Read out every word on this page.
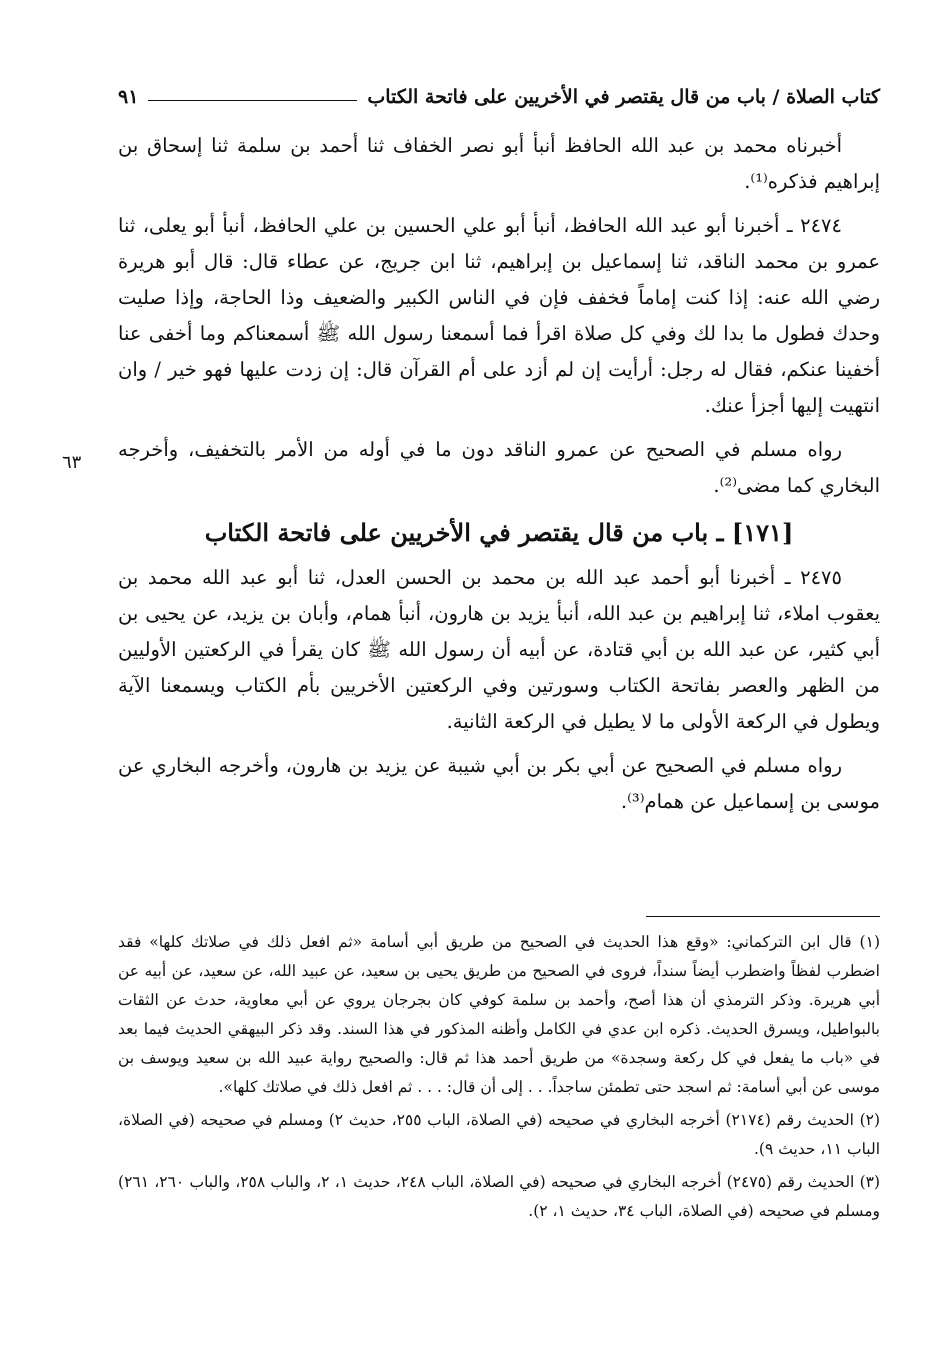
كتاب الصلاة / باب من قال يقتصر في الأخريين على فاتحة الكتاب
٩١
٦٣

أخبرناه محمد بن عبد الله الحافظ أنبأ أبو نصر الخفاف ثنا أحمد بن سلمة ثنا إسحاق بن إبراهيم فذكره⁽¹⁾.

٢٤٧٤ ـ أخبرنا أبو عبد الله الحافظ، أنبأ أبو علي الحسين بن علي الحافظ، أنبأ أبو يعلى، ثنا عمرو بن محمد الناقد، ثنا إسماعيل بن إبراهيم، ثنا ابن جريج، عن عطاء قال: قال أبو هريرة رضي الله عنه: إذا كنت إماماً فخفف فإن في الناس الكبير والضعيف وذا الحاجة، وإذا صليت وحدك فطول ما بدا لك وفي كل صلاة اقرأ فما أسمعنا رسول الله ﷺ أسمعناكم وما أخفى عنا أخفينا عنكم، فقال له رجل: أرأيت إن لم أزد على أم القرآن قال: إن زدت عليها فهو خير / وان انتهيت إليها أجزأ عنك.

رواه مسلم في الصحيح عن عمرو الناقد دون ما في أوله من الأمر بالتخفيف، وأخرجه البخاري كما مضى⁽²⁾.

[١٧١] ـ باب من قال يقتصر في الأخريين على فاتحة الكتاب

٢٤٧٥ ـ أخبرنا أبو أحمد عبد الله بن محمد بن الحسن العدل، ثنا أبو عبد الله محمد بن يعقوب املاء، ثنا إبراهيم بن عبد الله، أنبأ يزيد بن هارون، أنبأ همام، وأبان بن يزيد، عن يحيى بن أبي كثير، عن عبد الله بن أبي قتادة، عن أبيه أن رسول الله ﷺ كان يقرأ في الركعتين الأوليين من الظهر والعصر بفاتحة الكتاب وسورتين وفي الركعتين الأخريين بأم الكتاب ويسمعنا الآية ويطول في الركعة الأولى ما لا يطيل في الركعة الثانية.

رواه مسلم في الصحيح عن أبي بكر بن أبي شيبة عن يزيد بن هارون، وأخرجه البخاري عن موسى بن إسماعيل عن همام⁽³⁾.

(١) قال ابن التركماني: «وقع هذا الحديث في الصحيح من طريق أبي أسامة «ثم افعل ذلك في صلاتك كلها» فقد اضطرب لفظاً واضطرب أيضاً سنداً، فروى في الصحيح من طريق يحيى بن سعيد، عن عبيد الله، عن سعيد، عن أبيه عن أبي هريرة. وذكر الترمذي أن هذا أصح، وأحمد بن سلمة كوفي كان بجرجان يروي عن أبي معاوية، حدث عن الثقات بالبواطيل، ويسرق الحديث. ذكره ابن عدي في الكامل وأظنه المذكور في هذا السند. وقد ذكر البيهقي الحديث فيما بعد في «باب ما يفعل في كل ركعة وسجدة» من طريق أحمد هذا ثم قال: والصحيح رواية عبيد الله بن سعيد ويوسف بن موسى عن أبي أسامة: ثم اسجد حتى تطمئن ساجداً. . . إلى أن قال: . . . ثم افعل ذلك في صلاتك كلها».

(٢) الحديث رقم (٢١٧٤) أخرجه البخاري في صحيحه (في الصلاة، الباب ٢٥٥، حديث ٢) ومسلم في صحيحه (في الصلاة، الباب ١١، حديث ٩).

(٣) الحديث رقم (٢٤٧٥) أخرجه البخاري في صحيحه (في الصلاة، الباب ٢٤٨، حديث ١، ٢، والباب ٢٥٨، والباب ٢٦٠، ٢٦١) ومسلم في صحيحه (في الصلاة، الباب ٣٤، حديث ١، ٢).
